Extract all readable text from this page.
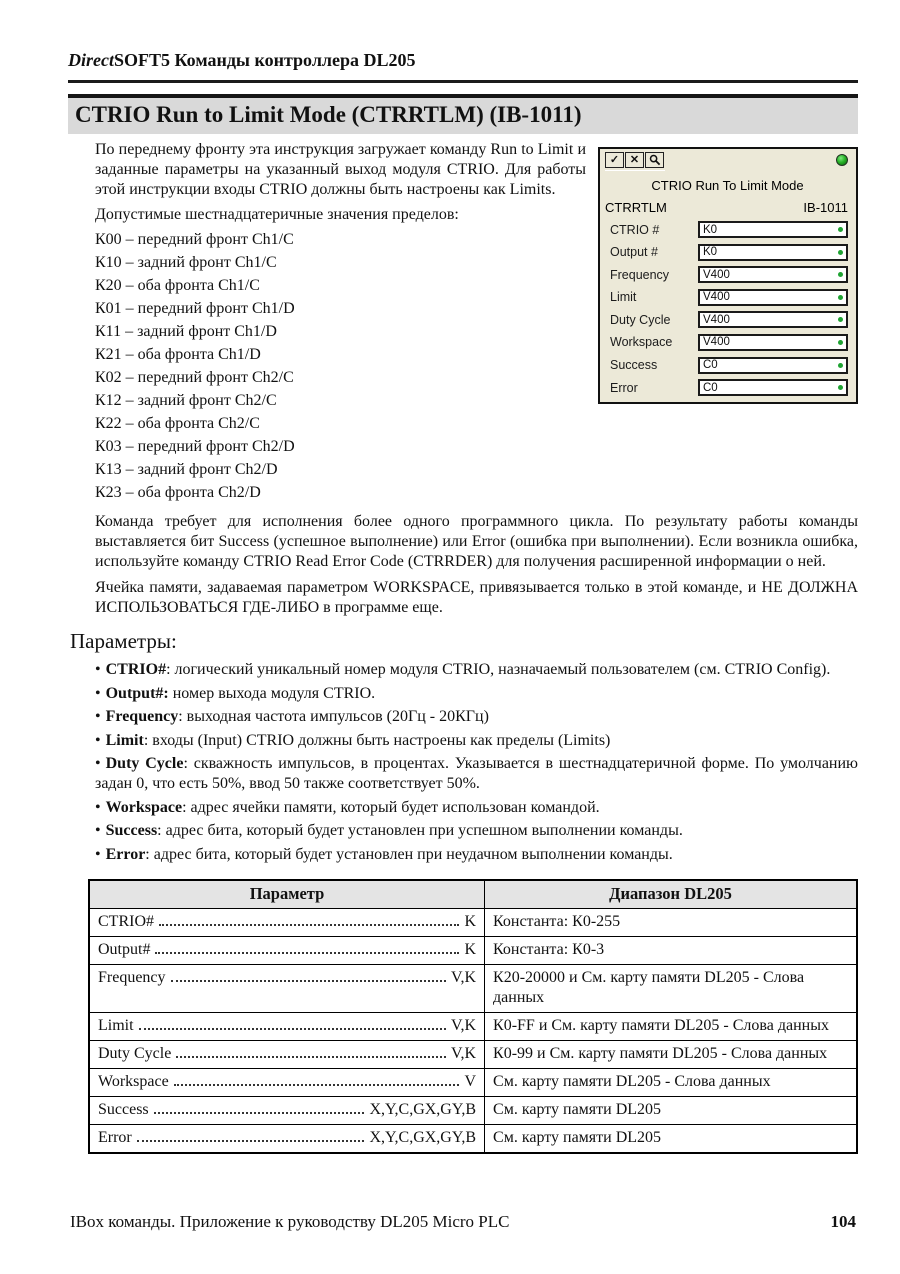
DirectSOFT5 Команды контроллера DL205
CTRIO Run to Limit Mode (CTRRTLM) (IB-1011)

По переднему фронту эта инструкция загружает команду Run to Limit и заданные параметры на указанный выход модуля CTRIO. Для работы этой инструкции входы CTRIO должны быть настроены как Limits.

Допустимые шестнадцатеричные значения пределов:

К00 – передний фронт Ch1/C
К10 – задний фронт Ch1/C
К20 – оба фронта Ch1/C
К01 – передний фронт Ch1/D
К11 – задний фронт Ch1/D
К21 – оба фронта Ch1/D
К02 – передний фронт Ch2/C
К12 – задний фронт Ch2/C
К22 – оба фронта Ch2/C
К03 – передний фронт Ch2/D
К13 – задний фронт Ch2/D
К23 – оба фронта Ch2/D
✓ ✕
CTRIO Run To Limit Mode
CTRRTLM	IB-1011
CTRIO #	K0
Output #	K0
Frequency	V400
Limit	V400
Duty Cycle	V400
Workspace	V400
Success	C0
Error	C0

Команда требует для исполнения более одного программного цикла. По результату работы команды выставляется бит Success (успешное выполнение) или Error (ошибка при выполнении). Если возникла ошибка, используйте команду CTRIO Read Error Code (CTRRDER) для получения расширенной информации о ней.

Ячейка памяти, задаваемая параметром WORKSPACE, привязывается только в этой команде, и НЕ ДОЛЖНА ИСПОЛЬЗОВАТЬСЯ ГДЕ-ЛИБО в программе еще.

Параметры:
• CTRIO#: логический уникальный номер модуля CTRIO, назначаемый пользователем (см. CTRIO Config).
• Output#: номер выхода модуля CTRIO.
• Frequency: выходная частота импульсов (20Гц - 20КГц)
• Limit: входы (Input) CTRIO должны быть настроены как пределы (Limits)
• Duty Cycle: скважность импульсов, в процентах. Указывается в шестнадцатеричной форме. По умолчанию задан 0, что есть 50%, ввод 50 также соответствует 50%.
• Workspace: адрес ячейки памяти, который будет использован командой.
• Success: адрес бита, который будет установлен при успешном выполнении команды.
• Error: адрес бита, который будет установлен при неудачном выполнении команды.
Параметр	Диапазон DL205

CTRIO# K	Константа: К0-255

Output# K	Константа: К0-3

Frequency V,K	К20-20000 и См. карту памяти DL205 - Слова данных

Limit V,K	К0-FF и См. карту памяти DL205 - Слова данных

Duty Cycle V,K	К0-99 и См. карту памяти DL205 - Слова данных

Workspace V	См. карту памяти DL205 - Слова данных

Success X,Y,C,GX,GY,B	См. карту памяти DL205

Error X,Y,C,GX,GY,B	См. карту памяти DL205
IBox команды. Приложение к руководству DL205 Micro PLC	104
